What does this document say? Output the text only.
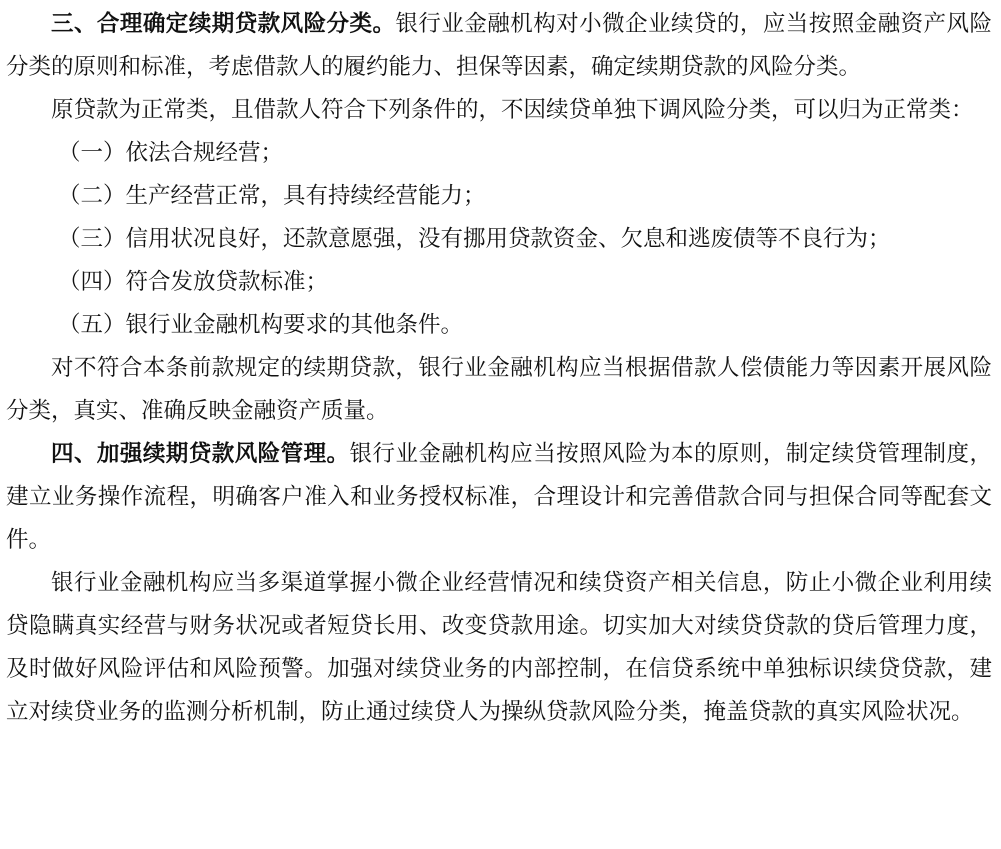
三、合理确定续期贷款风险分类。银行业金融机构对小微企业续贷的，应当按照金融资产风险分类的原则和标准，考虑借款人的履约能力、担保等因素，确定续期贷款的风险分类。

原贷款为正常类，且借款人符合下列条件的，不因续贷单独下调风险分类，可以归为正常类：

（一）依法合规经营；

（二）生产经营正常，具有持续经营能力；

（三）信用状况良好，还款意愿强，没有挪用贷款资金、欠息和逃废债等不良行为；

（四）符合发放贷款标准；

（五）银行业金融机构要求的其他条件。

对不符合本条前款规定的续期贷款，银行业金融机构应当根据借款人偿债能力等因素开展风险分类，真实、准确反映金融资产质量。

四、加强续期贷款风险管理。银行业金融机构应当按照风险为本的原则，制定续贷管理制度，建立业务操作流程，明确客户准入和业务授权标准，合理设计和完善借款合同与担保合同等配套文件。

银行业金融机构应当多渠道掌握小微企业经营情况和续贷资产相关信息，防止小微企业利用续贷隐瞒真实经营与财务状况或者短贷长用、改变贷款用途。切实加大对续贷贷款的贷后管理力度，及时做好风险评估和风险预警。加强对续贷业务的内部控制，在信贷系统中单独标识续贷贷款，建立对续贷业务的监测分析机制，防止通过续贷人为操纵贷款风险分类，掩盖贷款的真实风险状况。
